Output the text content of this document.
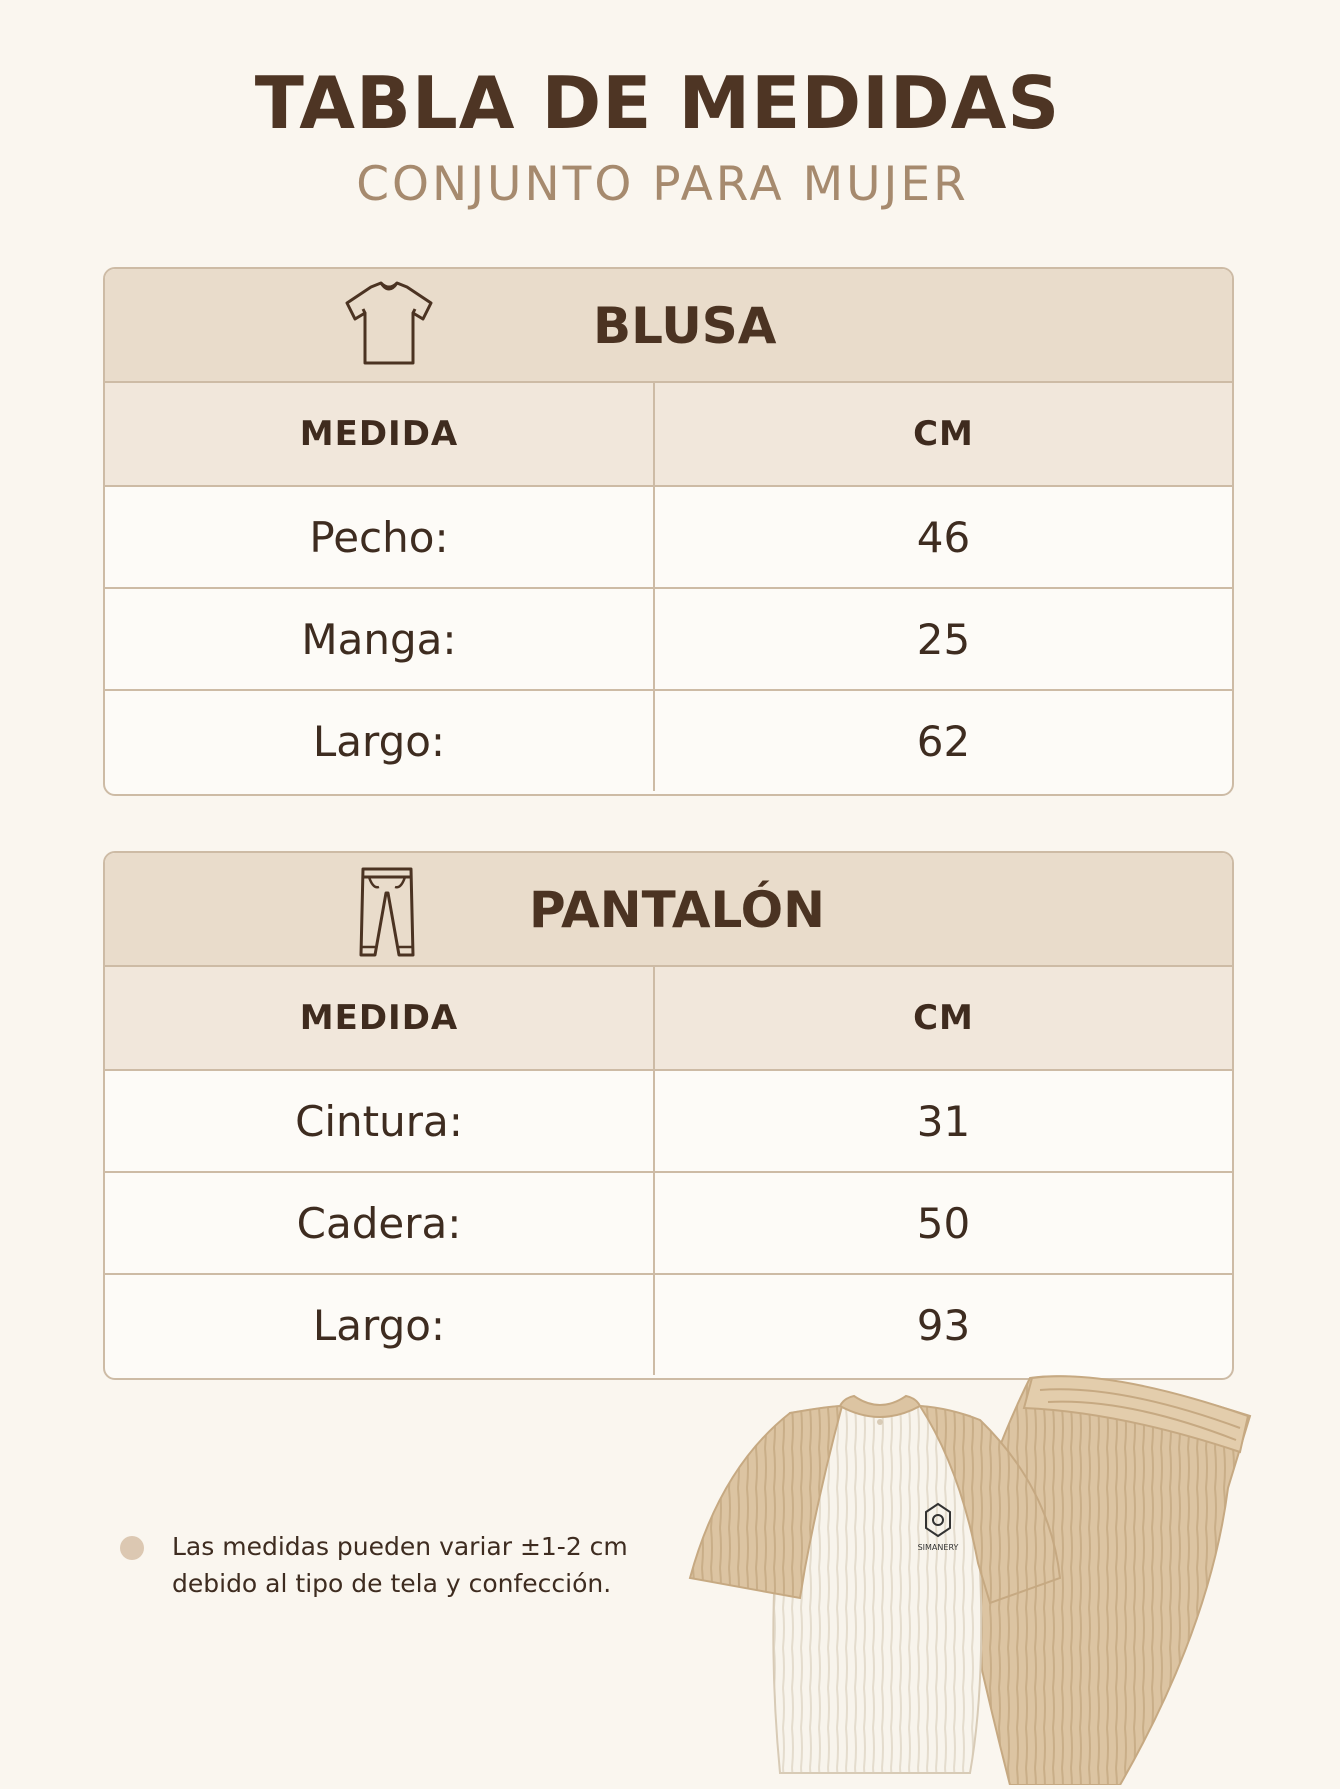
TABLA DE MEDIDAS
CONJUNTO PARA MUJER
BLUSA
MEDIDA	CM
Pecho:	46
Manga:	25
Largo:	62
PANTALÓN
MEDIDA	CM
Cintura:	31
Cadera:	50
Largo:	93
Las medidas pueden variar ±1-2 cm
debido al tipo de tela y confección.
SIMANERY
